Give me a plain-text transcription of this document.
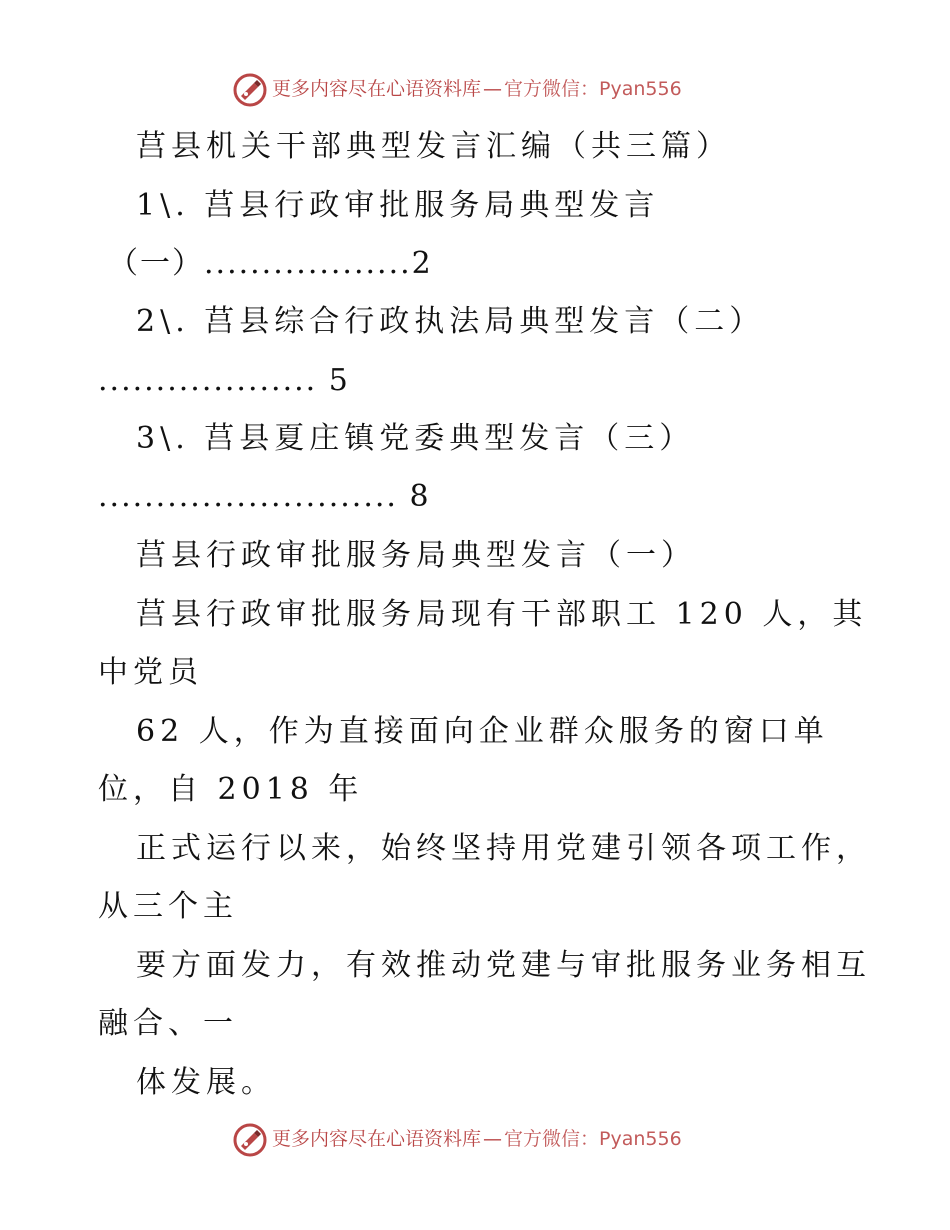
更多内容尽在心语资料库 — 官方微信：Pyan556
莒县机关干部典型发言汇编（共三篇）
1\. 莒县行政审批服务局典型发言
（一）..................2
2\. 莒县综合行政执法局典型发言（二）
................... 5
3\. 莒县夏庄镇党委典型发言（三）
.......................... 8
莒县行政审批服务局典型发言（一）
莒县行政审批服务局现有干部职工 120 人，其
中党员
62 人，作为直接面向企业群众服务的窗口单
位，自 2018 年
正式运行以来，始终坚持用党建引领各项工作，
从三个主
要方面发力，有效推动党建与审批服务业务相互
融合、一
体发展。
更多内容尽在心语资料库 — 官方微信：Pyan556
